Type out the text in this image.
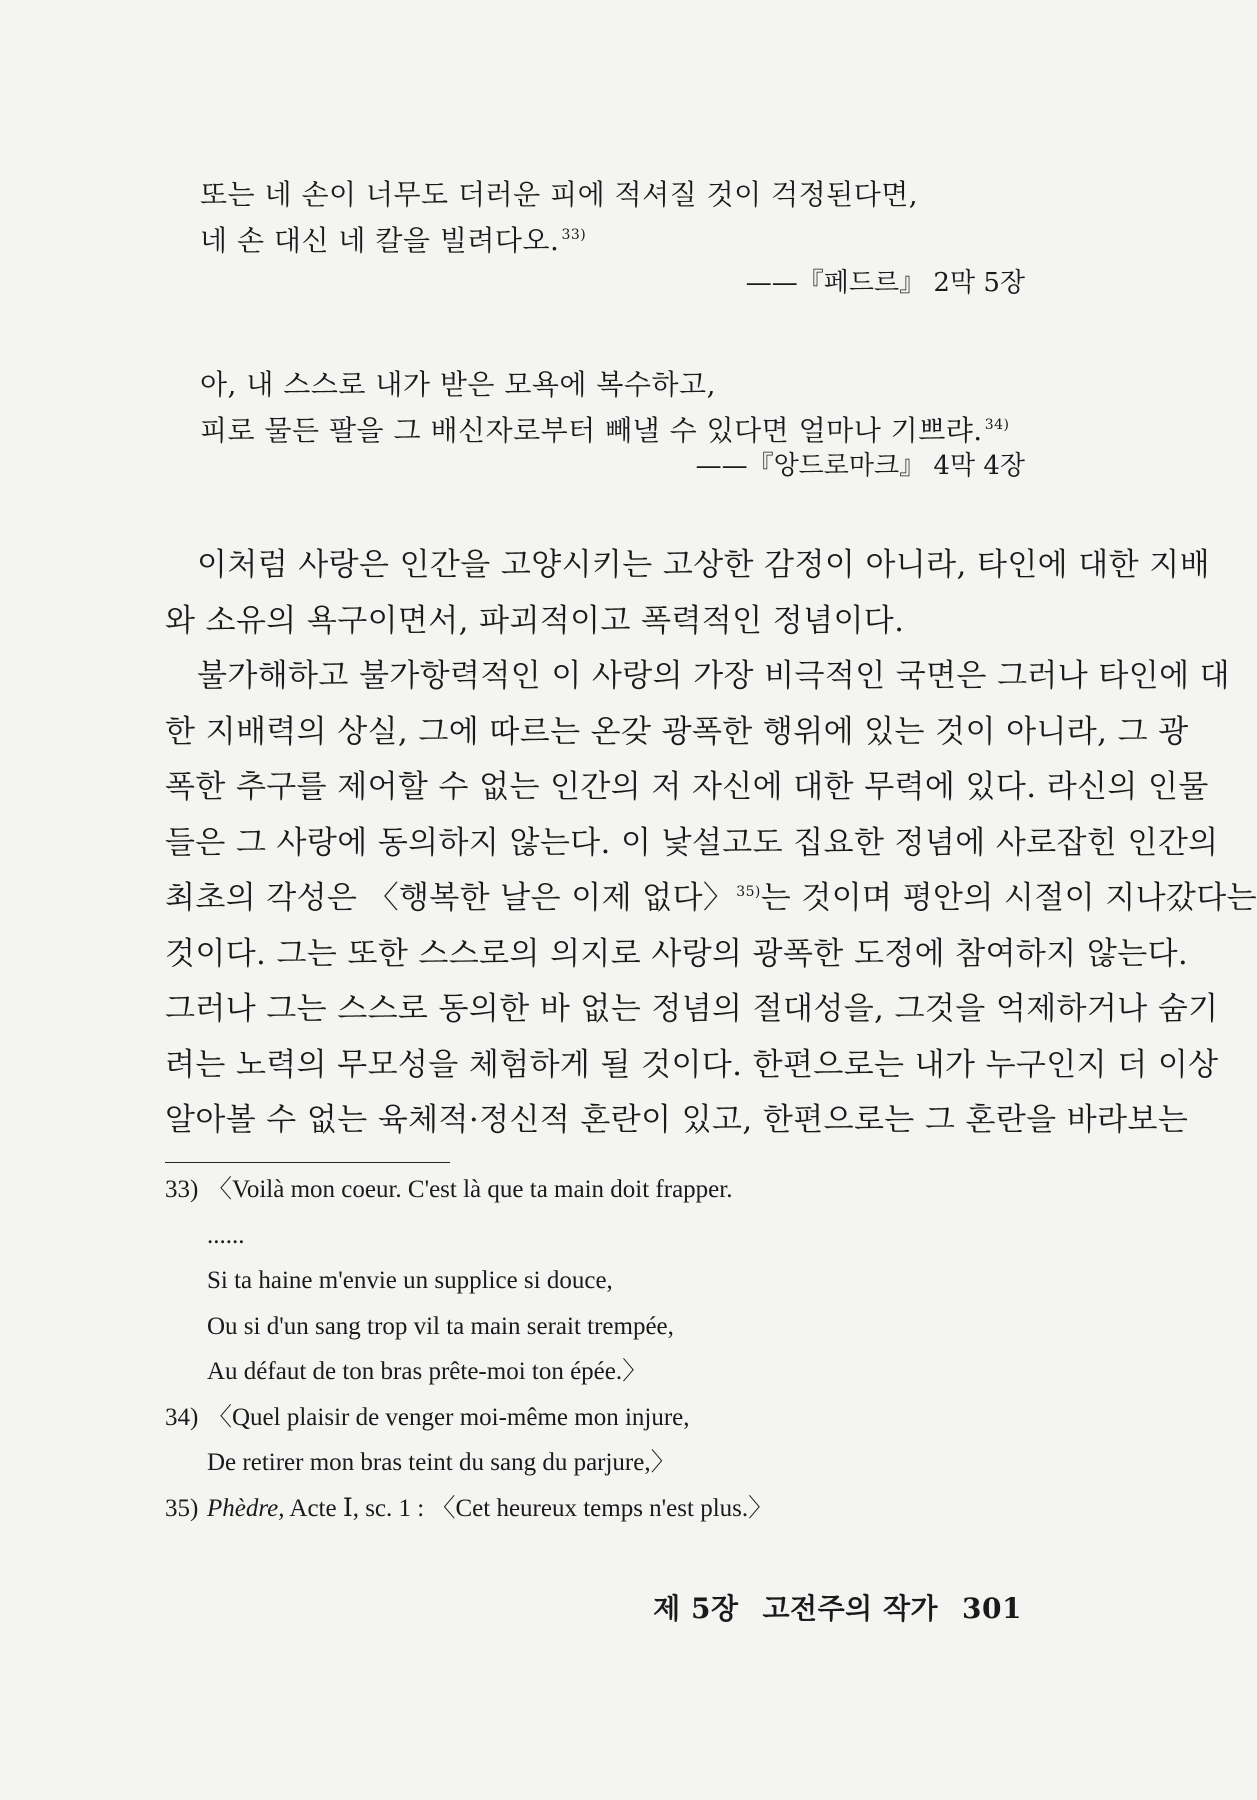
또는 네 손이 너무도 더러운 피에 적셔질 것이 걱정된다면,
네 손 대신 네 칼을 빌려다오. $^{33)}$
——『페드르』 2막 5장
아, 내 스스로 내가 받은 모욕에 복수하고,
피로 물든 팔을 그 배신자로부터 빼낼 수 있다면 얼마나 기쁘랴. $^{34)}$
——『앙드로마크』 4막 4장
이처럼 사랑은 인간을 고양시키는 고상한 감정이 아니라, 타인에 대한 지배
와 소유의 욕구이면서, 파괴적이고 폭력적인 정념이다.
불가해하고 불가항력적인 이 사랑의 가장 비극적인 국면은 그러나 타인에 대
한 지배력의 상실, 그에 따르는 온갖 광폭한 행위에 있는 것이 아니라, 그 광
폭한 추구를 제어할 수 없는 인간의 저 자신에 대한 무력에 있다. 라신의 인물
들은 그 사랑에 동의하지 않는다. 이 낯설고도 집요한 정념에 사로잡힌 인간의
최초의 각성은 〈행복한 날은 이제 없다〉 $^{35)}$는 것이며 평안의 시절이 지나갔다는
것이다. 그는 또한 스스로의 의지로 사랑의 광폭한 도정에 참여하지 않는다.
그러나 그는 스스로 동의한 바 없는 정념의 절대성을, 그것을 억제하거나 숨기
려는 노력의 무모성을 체험하게 될 것이다. 한편으로는 내가 누구인지 더 이상
알아볼 수 없는 육체적·정신적 혼란이 있고, 한편으로는 그 혼란을 바라보는
33) 〈Voilà mon coeur. C'est là que ta main doit frapper.
......
Si ta haine m'envie un supplice si douce,
Ou si d'un sang trop vil ta main serait trempée,
Au défaut de ton bras prête-moi ton épée.〉
34) 〈Quel plaisir de venger moi-même mon injure,
De retirer mon bras teint du sang du parjure,〉
35) Phèdre, Acte Ⅰ, sc. 1 : 〈Cet heureux temps n'est plus.〉
제 5장 고전주의 작가 301
